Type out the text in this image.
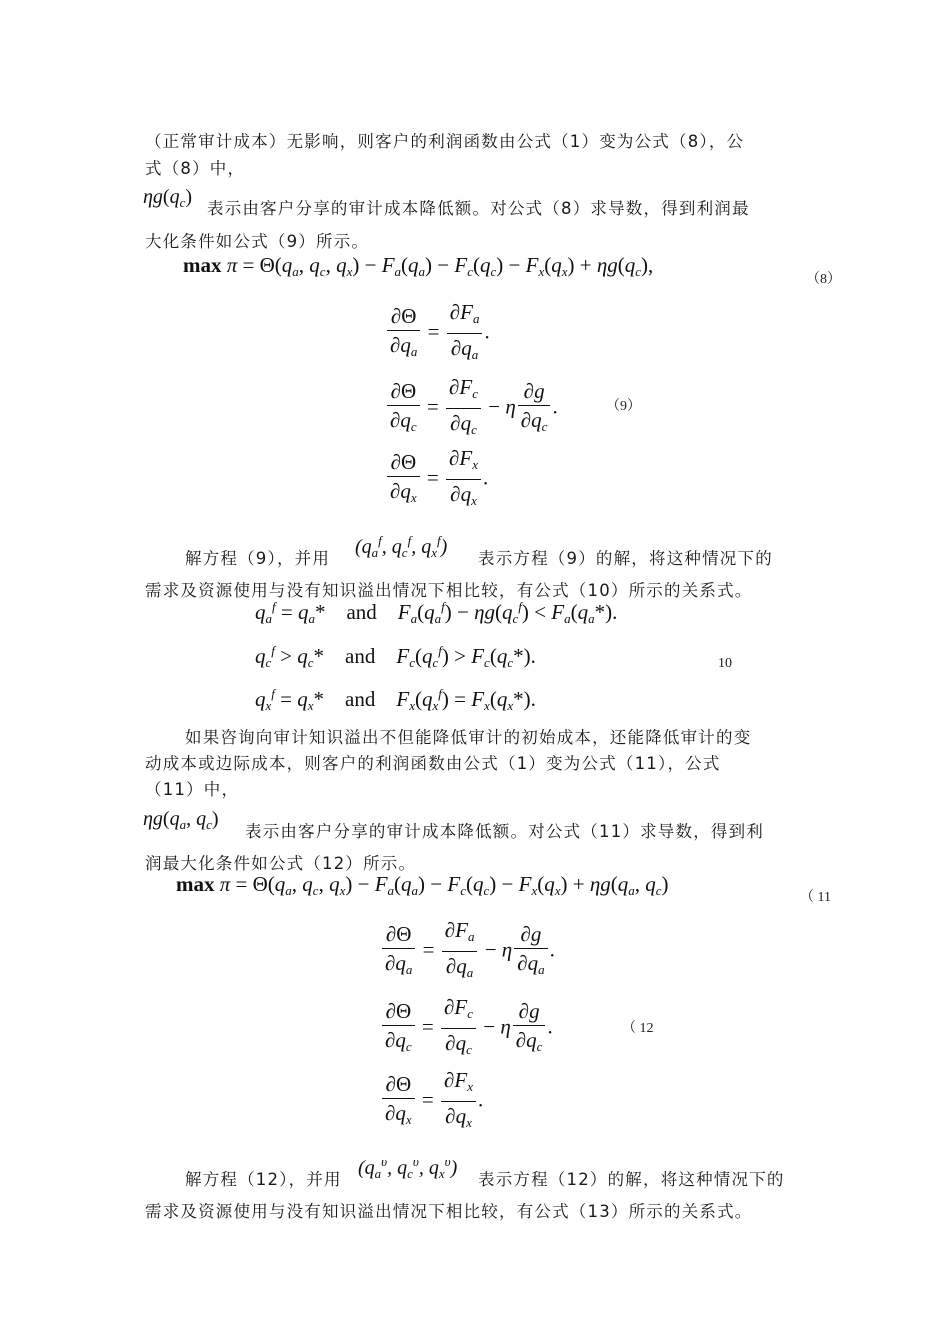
（正常审计成本）无影响，则客户的利润函数由公式（1）变为公式（8），公
式（8）中，
$\eta g(q_c)$
表示由客户分享的审计成本降低额。对公式（8）求导数，得到利润最
大化条件如公式（9）所示。
$\max \pi = \Theta(q_a$, $q_c$, $q_x) - F_a(q_a) - F_c(q_c) - F_x(q_x) + \eta g(q_c)$,
（8）
$\frac{\partial\Theta}{\partial q_a} = \frac{\partial F_a}{\partial q_a}$ .
$\frac{\partial\Theta}{\partial q_c} = \frac{\partial F_c}{\partial q_c} - \eta \frac{\partial g}{\partial q_c}$ .	（9）
$\frac{\partial\Theta}{\partial q_x} = \frac{\partial F_x}{\partial q_x}$ .
解方程（9），并用
($q_a^f$, $q_c^f$, $q_x^f$)
表示方程（9）的解，将这种情况下的
需求及资源使用与没有知识溢出情况下相比较，有公式（10）所示的关系式。
$q_a^f = q_a*$    and    $F_a(q_a^f) - \eta g(q_c^f) < F_a(q_a*)$.
$q_c^f > q_c*$    and    $F_c(q_c^f) > F_c(q_c*)$.	10
$q_x^f = q_x*$    and    $F_x(q_x^f) = F_x(q_x*)$.
如果咨询向审计知识溢出不但能降低审计的初始成本，还能降低审计的变
动成本或边际成本，则客户的利润函数由公式（1）变为公式（11），公式
（11）中，
$\eta g(q_a$, $q_c$)
表示由客户分享的审计成本降低额。对公式（11）求导数，得到利
润最大化条件如公式（12）所示。
$\max \pi = \Theta(q_a$, $q_c$, $q_x) - F_a(q_a) - F_c(q_c) - F_x(q_x) + \eta g(q_a$, $q_c$)
（ 11
$\frac{\partial\Theta}{\partial q_a} = \frac{\partial F_a}{\partial q_a} - \eta \frac{\partial g}{\partial q_a}$ .
$\frac{\partial\Theta}{\partial q_c} = \frac{\partial F_c}{\partial q_c} - \eta \frac{\partial g}{\partial q_c}$ .	（ 12
$\frac{\partial\Theta}{\partial q_x} = \frac{\partial F_x}{\partial q_x}$ .
解方程（12），并用
($q_a^\upsilon$, $q_c^\upsilon$, $q_x^\upsilon$)
表示方程（12）的解，将这种情况下的
需求及资源使用与没有知识溢出情况下相比较，有公式（13）所示的关系式。
